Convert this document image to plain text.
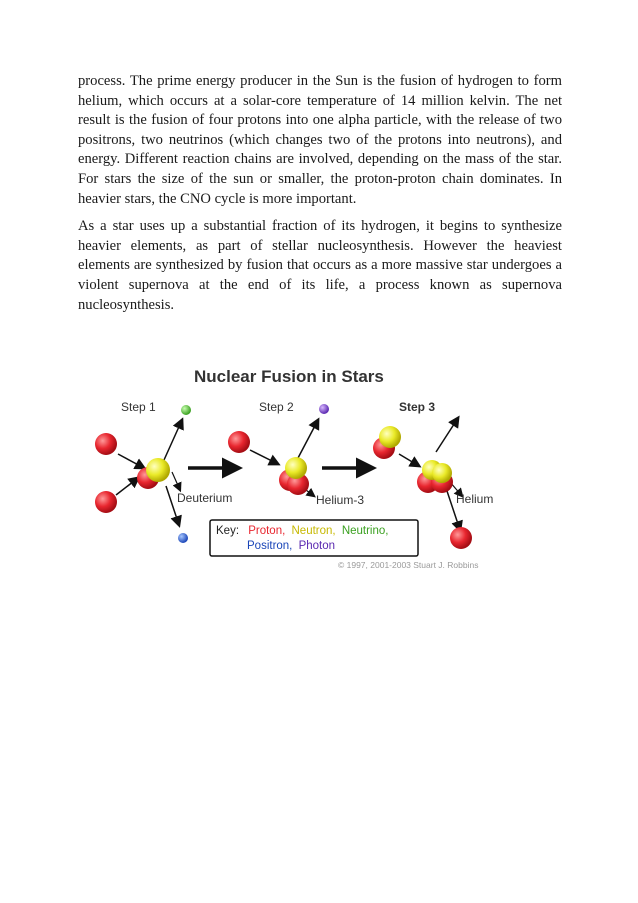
process. The prime energy producer in the Sun is the fusion of hydrogen to form helium, which occurs at a solar-core temperature of 14 million kelvin. The net result is the fusion of four protons into one alpha particle, with the release of two positrons, two neutrinos (which changes two of the protons into neutrons), and energy. Different reaction chains are involved, depending on the mass of the star. For stars the size of the sun or smaller, the proton-proton chain dominates. In heavier stars, the CNO cycle is more important.

As a star uses up a substantial fraction of its hydrogen, it begins to synthesize heavier elements, as part of stellar nucleosynthesis. However the heaviest elements are synthesized by fusion that occurs as a more massive star undergoes a violent supernova at the end of its life, a process known as supernova nucleosynthesis.

Nuclear Fusion in Stars
Step 1
Deuterium
Step 2
Helium-3
Step 3
Helium
Key: Proton, Neutron, Neutrino,
Positron, Photon
© 1997, 2001-2003 Stuart J. Robbins
